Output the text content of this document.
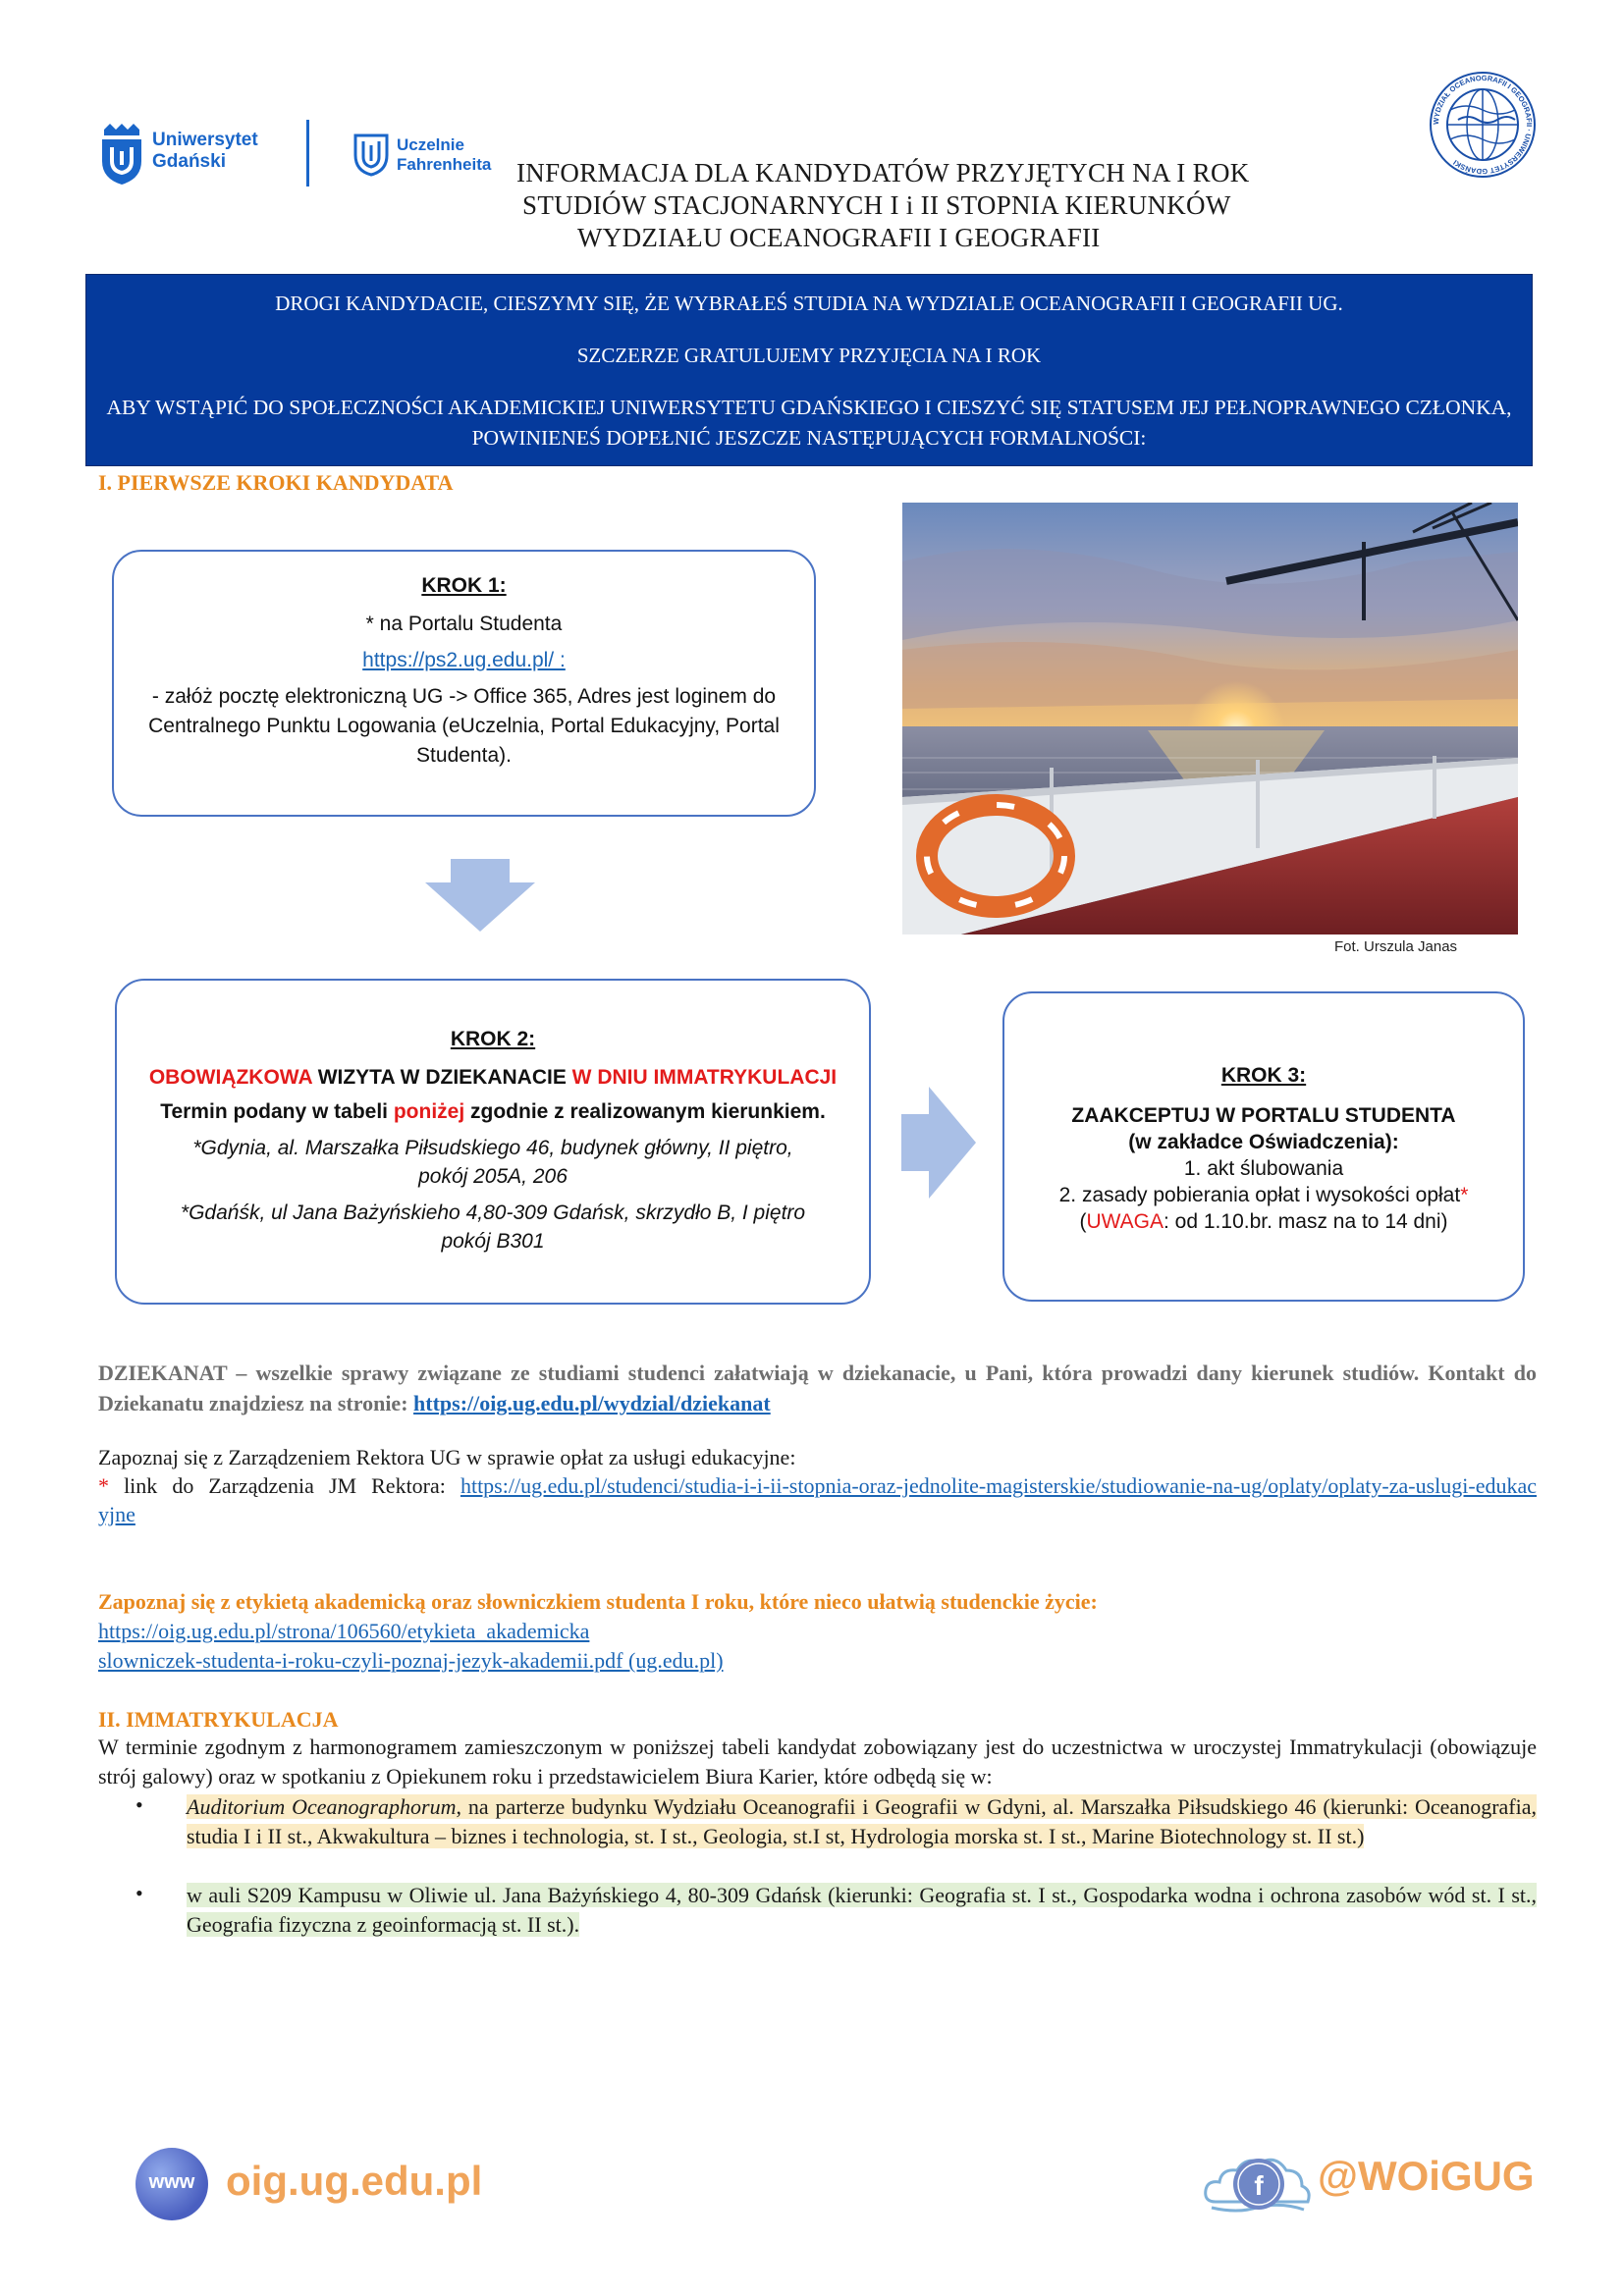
Uniwersytet
Gdański
Uczelnie
Fahrenheita
WYDZIAŁ OCEANOGRAFII I GEOGRAFII · UNIWERSYTET GDAŃSKI
INFORMACJA DLA KANDYDATÓW PRZYJĘTYCH NA I ROK
STUDIÓW STACJONARNYCH I i II STOPNIA KIERUNKÓW
WYDZIAŁU OCEANOGRAFII I GEOGRAFII

DROGI KANDYDACIE, CIESZYMY SIĘ, ŻE WYBRAŁEŚ STUDIA NA WYDZIALE OCEANOGRAFII I GEOGRAFII UG.

SZCZERZE GRATULUJEMY PRZYJĘCIA NA I ROK

ABY WSTĄPIĆ DO SPOŁECZNOŚCI AKADEMICKIEJ UNIWERSYTETU GDAŃSKIEGO I CIESZYĆ SIĘ STATUSEM JEJ PEŁNOPRAWNEGO CZŁONKA, POWINIENEŚ DOPEŁNIĆ JESZCZE NASTĘPUJĄCYCH FORMALNOŚCI:

I. PIERWSZE KROKI KANDYDATA
KROK 1:
* na Portalu Studenta
https://ps2.ug.edu.pl/ :
- załóż pocztę elektroniczną UG -> Office 365, Adres jest loginem do Centralnego Punktu Logowania (eUczelnia, Portal Edukacyjny, Portal Studenta).
Fot. Urszula Janas
KROK 2:
OBOWIĄZKOWA WIZYTA W DZIEKANACIE W DNIU IMMATRYKULACJI
Termin podany w tabeli poniżej zgodnie z realizowanym kierunkiem.
*Gdynia, al. Marszałka Piłsudskiego 46, budynek główny, II piętro, pokój 205A, 206
*Gdańśk, ul Jana Bażyńskieho 4,80-309 Gdańsk, skrzydło B, I piętro pokój B301
KROK 3:
ZAAKCEPTUJ W PORTALU STUDENTA
(w zakładce Oświadczenia):
1. akt ślubowania
2. zasady pobierania opłat i wysokości opłat*
(UWAGA: od 1.10.br. masz na to 14 dni)
DZIEKANAT – wszelkie sprawy związane ze studiami studenci załatwiają w dziekanacie, u Pani, która prowadzi dany kierunek studiów. Kontakt do Dziekanatu znajdziesz na stronie: https://oig.ug.edu.pl/wydzial/dziekanat
Zapoznaj się z Zarządzeniem Rektora UG w sprawie opłat za usługi edukacyjne:
* link do Zarządzenia JM Rektora: https://ug.edu.pl/studenci/studia-i-i-ii-stopnia-oraz-jednolite-magisterskie/studiowanie-na-ug/oplaty/oplaty-za-uslugi-edukacyjne
Zapoznaj się z etykietą akademicką oraz słowniczkiem studenta I roku, które nieco ułatwią studenckie życie:
https://oig.ug.edu.pl/strona/106560/etykieta_akademicka
slowniczek-studenta-i-roku-czyli-poznaj-jezyk-akademii.pdf (ug.edu.pl)
II. IMMATRYKULACJA
W terminie zgodnym z harmonogramem zamieszczonym w poniższej tabeli kandydat zobowiązany jest do uczestnictwa w uroczystej Immatrykulacji (obowiązuje strój galowy) oraz w spotkaniu z Opiekunem roku i przedstawicielem Biura Karier, które odbędą się w:
• Auditorium Oceanographorum, na parterze budynku Wydziału Oceanografii i Geografii w Gdyni, al. Marszałka Piłsudskiego 46 (kierunki: Oceanografia, studia I i II st., Akwakultura – biznes i technologia, st. I st., Geologia, st.I st, Hydrologia morska st. I st., Marine Biotechnology st. II st.)
• w auli S209 Kampusu w Oliwie ul. Jana Bażyńskiego 4, 80-309 Gdańsk (kierunki: Geografia st. I st., Gospodarka wodna i ochrona zasobów wód st. I st., Geografia fizyczna z geoinformacją st. II st.).
www oig.ug.edu.pl	f @WOiGUG
